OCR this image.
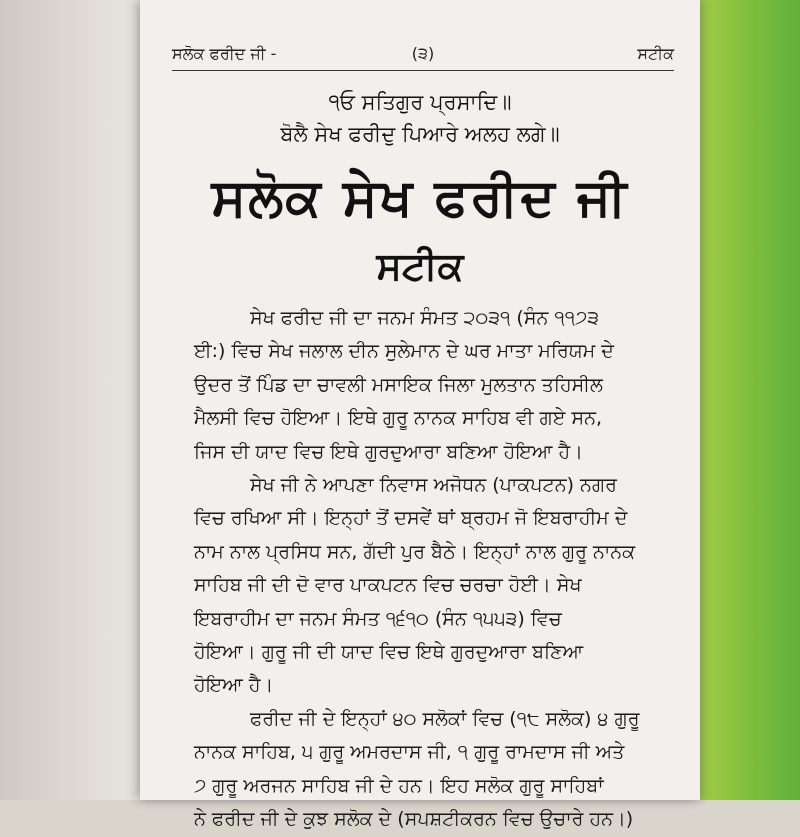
ਸਲੋਕ ਫਰੀਦ ਜੀ -	(੩)	ਸਟੀਕ
੧ਓ ਸਤਿਗੁਰ ਪ੍ਰਸਾਦਿ॥
ਬੋਲੈ ਸੇਖ ਫਰੀਦੁ ਪਿਆਰੇ ਅਲਹ ਲਗੇ॥
ਸਲੋਕ ਸੇਖ ਫਰੀਦ ਜੀ
ਸਟੀਕ

ਸੇਖ ਫਰੀਦ ਜੀ ਦਾ ਜਨਮ ਸੰਮਤ ੨੦੩੧ (ਸੰਨ ੧੧੭੩

ਈ:) ਵਿਚ ਸੇਖ ਜਲਾਲ ਦੀਨ ਸੁਲੇਮਾਨ ਦੇ ਘਰ ਮਾਤਾ ਮਰਿਯਮ ਦੇ

ਉਦਰ ਤੋਂ ਪਿੰਡ ਦਾ ਚਾਵਲੀ ਮਸਾਇਕ ਜਿਲਾ ਮੁਲਤਾਨ ਤਹਿਸੀਲ

ਮੈਲਸੀ ਵਿਚ ਹੋਇਆ। ਇਥੇ ਗੁਰੂ ਨਾਨਕ ਸਾਹਿਬ ਵੀ ਗਏ ਸਨ,

ਜਿਸ ਦੀ ਯਾਦ ਵਿਚ ਇਥੇ ਗੁਰਦੁਆਰਾ ਬਣਿਆ ਹੋਇਆ ਹੈ।

ਸੇਖ ਜੀ ਨੇ ਆਪਣਾ ਨਿਵਾਸ ਅਜੋਧਨ (ਪਾਕਪਟਨ) ਨਗਰ

ਵਿਚ ਰਖਿਆ ਸੀ। ਇਨ੍ਹਾਂ ਤੋਂ ਦਸਵੇਂ ਥਾਂ ਬ੍ਰਹਮ ਜੋ ਇਬਰਾਹੀਮ ਦੇ

ਨਾਮ ਨਾਲ ਪ੍ਰਸਿਧ ਸਨ, ਗੱਦੀ ਪੁਰ ਬੈਠੇ। ਇਨ੍ਹਾਂ ਨਾਲ ਗੁਰੂ ਨਾਨਕ

ਸਾਹਿਬ ਜੀ ਦੀ ਦੋ ਵਾਰ ਪਾਕਪਟਨ ਵਿਚ ਚਰਚਾ ਹੋਈ। ਸੇਖ

ਇਬਰਾਹੀਮ ਦਾ ਜਨਮ ਸੰਮਤ ੧੬੧੦ (ਸੰਨ ੧੫੫੩) ਵਿਚ

ਹੋਇਆ। ਗੁਰੂ ਜੀ ਦੀ ਯਾਦ ਵਿਚ ਇਥੇ ਗੁਰਦੁਆਰਾ ਬਣਿਆ

ਹੋਇਆ ਹੈ।

ਫਰੀਦ ਜੀ ਦੇ ਇਨ੍ਹਾਂ ੪੦ ਸਲੋਕਾਂ ਵਿਚ (੧੮ ਸਲੋਕ) ੪ ਗੁਰੂ

ਨਾਨਕ ਸਾਹਿਬ, ੫ ਗੁਰੂ ਅਮਰਦਾਸ ਜੀ, ੧ ਗੁਰੂ ਰਾਮਦਾਸ ਜੀ ਅਤੇ

੭ ਗੁਰੂ ਅਰਜਨ ਸਾਹਿਬ ਜੀ ਦੇ ਹਨ। ਇਹ ਸਲੋਕ ਗੁਰੂ ਸਾਹਿਬਾਂ

ਨੇ ਫਰੀਦ ਜੀ ਦੇ ਕੁਝ ਸਲੋਕ ਦੇ (ਸਪਸ਼ਟੀਕਰਨ ਵਿਚ ਉਚਾਰੇ ਹਨ।)
